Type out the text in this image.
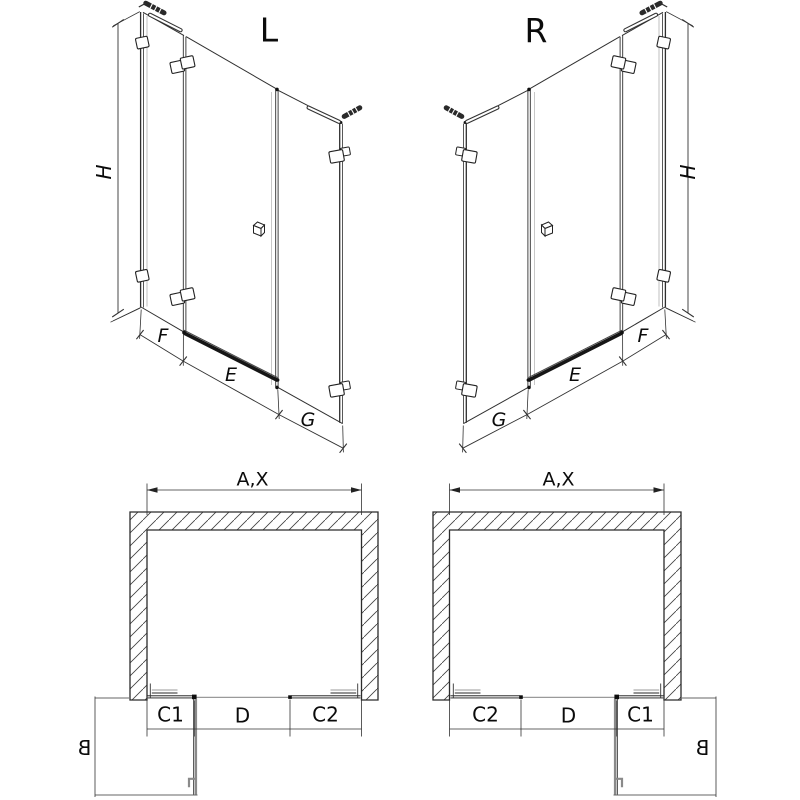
L
H
F
E
G
R
H
G
E
F
A,X
C1	D	C2
B
A,X
C2	D	C1
B
